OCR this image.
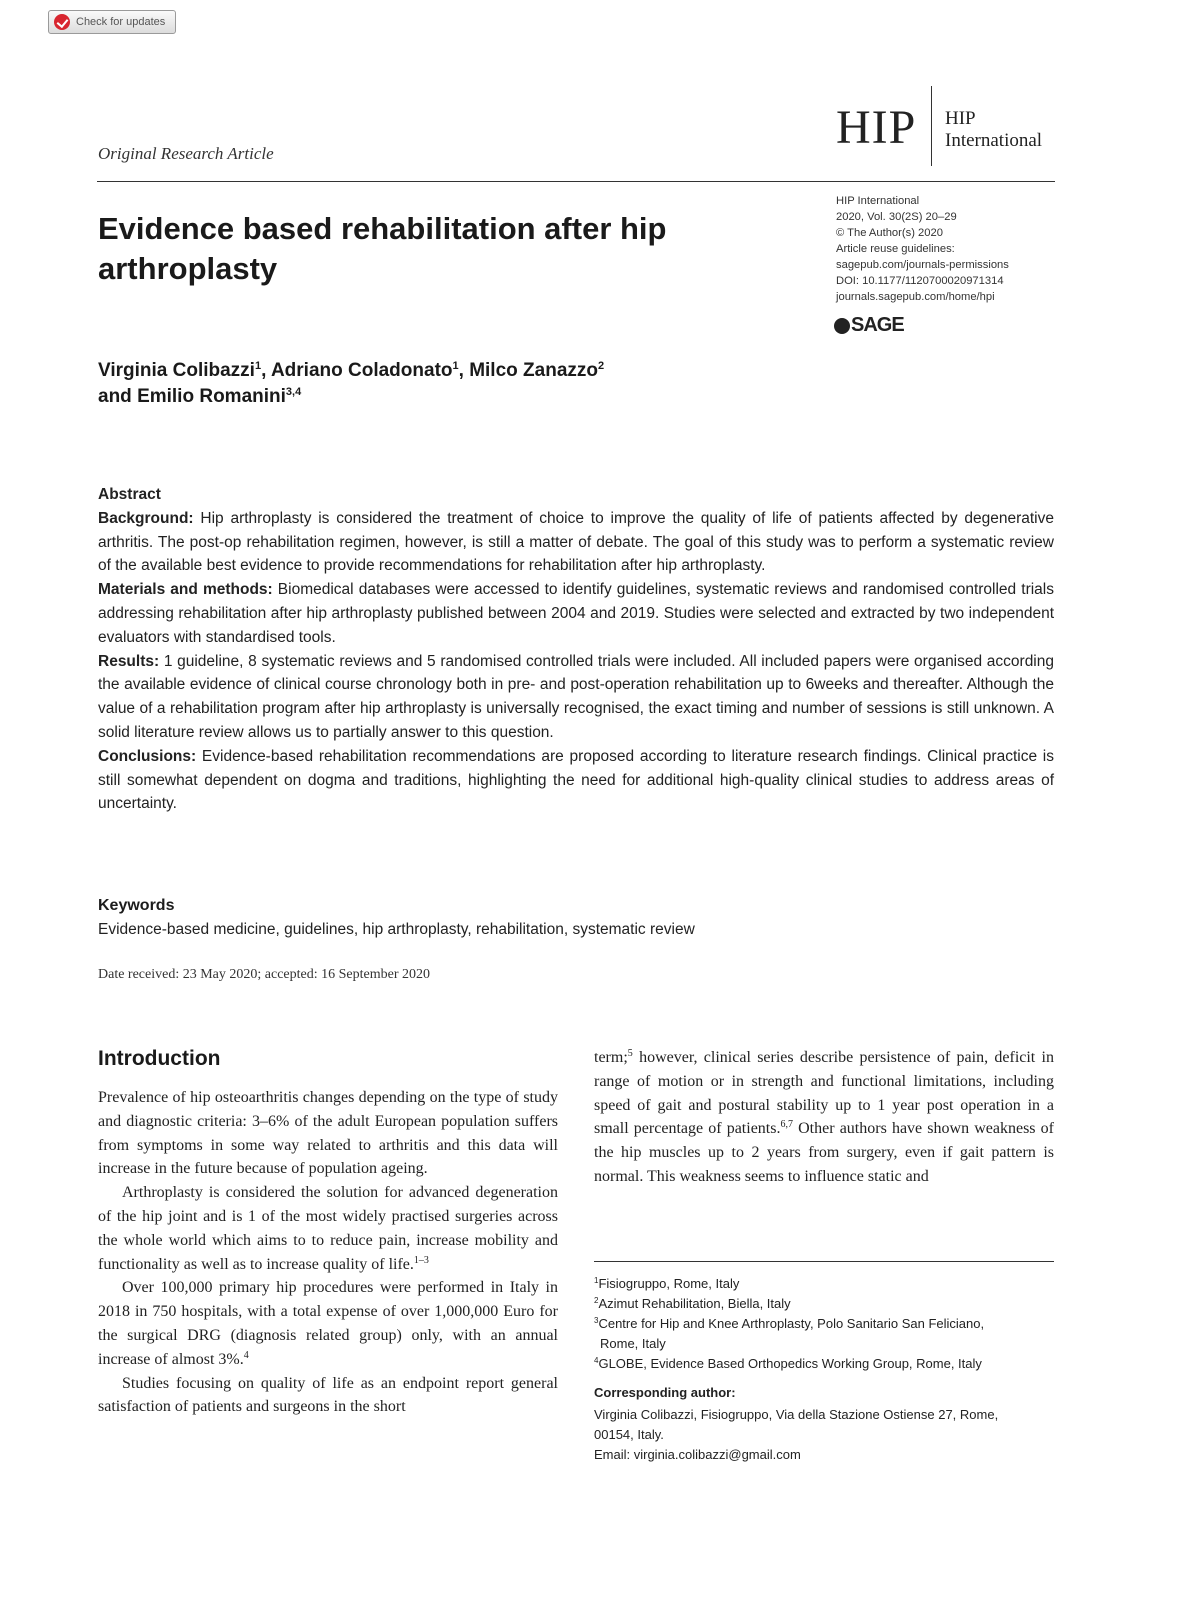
Check for updates
HIP HIP
International
Original Research Article
HIP International
2020, Vol. 30(2S) 20–29
© The Author(s) 2020
Article reuse guidelines:
sagepub.com/journals-permissions
DOI: 10.1177/1120700020971314
journals.sagepub.com/home/hpi
SAGE
Evidence based rehabilitation after hip arthroplasty
Virginia Colibazzi$^1$, Adriano Coladonato$^1$, Milco Zanazzo$^2$
and Emilio Romanini$^{3,4}$
Abstract

Background: Hip arthroplasty is considered the treatment of choice to improve the quality of life of patients affected by degenerative arthritis. The post-op rehabilitation regimen, however, is still a matter of debate. The goal of this study was to perform a systematic review of the available best evidence to provide recommendations for rehabilitation after hip arthroplasty.

Materials and methods: Biomedical databases were accessed to identify guidelines, systematic reviews and randomised controlled trials addressing rehabilitation after hip arthroplasty published between 2004 and 2019. Studies were selected and extracted by two independent evaluators with standardised tools.

Results: 1 guideline, 8 systematic reviews and 5 randomised controlled trials were included. All included papers were organised according the available evidence of clinical course chronology both in pre- and post-operation rehabilitation up to 6weeks and thereafter. Although the value of a rehabilitation program after hip arthroplasty is universally recognised, the exact timing and number of sessions is still unknown. A solid literature review allows us to partially answer to this question.

Conclusions: Evidence-based rehabilitation recommendations are proposed according to literature research findings. Clinical practice is still somewhat dependent on dogma and traditions, highlighting the need for additional high-quality clinical studies to address areas of uncertainty.

Keywords
Evidence-based medicine, guidelines, hip arthroplasty, rehabilitation, systematic review
Date received: 23 May 2020; accepted: 16 September 2020
Introduction

Prevalence of hip osteoarthritis changes depending on the type of study and diagnostic criteria: 3–6% of the adult European population suffers from symptoms in some way related to arthritis and this data will increase in the future because of population ageing.

Arthroplasty is considered the solution for advanced degeneration of the hip joint and is 1 of the most widely practised surgeries across the whole world which aims to to reduce pain, increase mobility and functionality as well as to increase quality of life.$^{1-3}$

Over 100,000 primary hip procedures were performed in Italy in 2018 in 750 hospitals, with a total expense of over 1,000,000 Euro for the surgical DRG (diagnosis related group) only, with an annual increase of almost 3%.$^4$

Studies focusing on quality of life as an endpoint report general satisfaction of patients and surgeons in the short

term;$^5$ however, clinical series describe persistence of pain, deficit in range of motion or in strength and functional limitations, including speed of gait and postural stability up to 1 year post operation in a small percentage of patients.$^{6,7}$ Other authors have shown weakness of the hip muscles up to 2 years from surgery, even if gait pattern is normal. This weakness seems to influence static and

$^1$Fisiogruppo, Rome, Italy
$^2$Azimut Rehabilitation, Biella, Italy
$^3$Centre for Hip and Knee Arthroplasty, Polo Sanitario San Feliciano,
Rome, Italy
$^4$GLOBE, Evidence Based Orthopedics Working Group, Rome, Italy
Corresponding author:
Virginia Colibazzi, Fisiogruppo, Via della Stazione Ostiense 27, Rome,
00154, Italy.
Email: virginia.colibazzi@gmail.com
